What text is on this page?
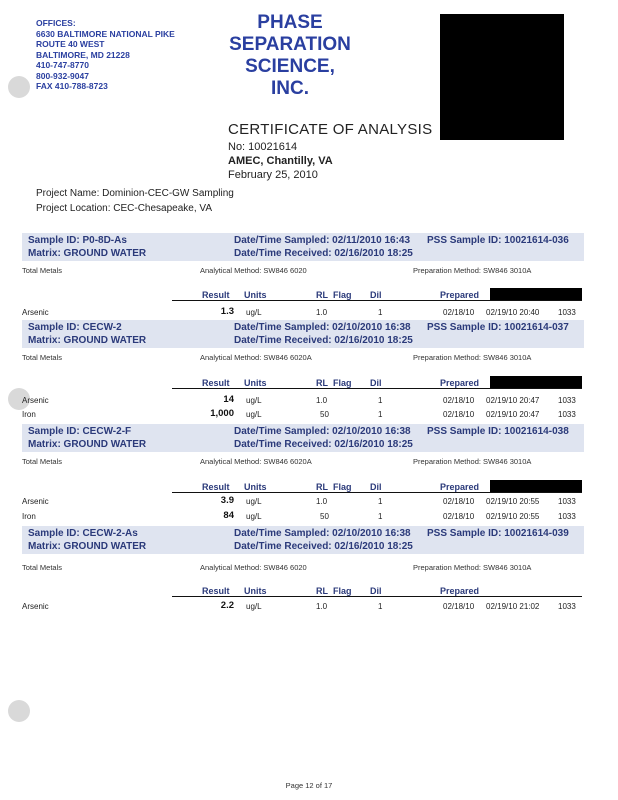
OFFICES:
6630 BALTIMORE NATIONAL PIKE
ROUTE 40 WEST
BALTIMORE, MD 21228
410-747-8770
800-932-9047
FAX 410-788-8723
PHASE
SEPARATION
SCIENCE,
INC.
CERTIFICATE OF ANALYSIS
No: 10021614
AMEC, Chantilly, VA
February 25, 2010
Project Name: Dominion-CEC-GW Sampling
Project Location: CEC-Chesapeake, VA
Sample ID: P0-8D-As
Matrix: GROUND WATER
Date/Time Sampled: 02/11/2010 16:43
Date/Time Received: 02/16/2010 18:25
PSS Sample ID: 10021614-036
Total Metals	Analytical Method: SW846 6020	Preparation Method: SW846 3010A
Result Units	RL Flag Dil	Prepared
Arsenic	1.3 ug/L	1.0	1	02/18/10 02/19/10 20:40 1033
Sample ID: CECW-2
Matrix: GROUND WATER
Date/Time Sampled: 02/10/2010 16:38
Date/Time Received: 02/16/2010 18:25
PSS Sample ID: 10021614-037
Total Metals	Analytical Method: SW846 6020A	Preparation Method: SW846 3010A
Result Units	RL Flag Dil	Prepared
Arsenic	14 ug/L	1.0	1	02/18/10 02/19/10 20:47 1033
Iron	1,000 ug/L	50	1	02/18/10 02/19/10 20:47 1033
Sample ID: CECW-2-F
Matrix: GROUND WATER
Date/Time Sampled: 02/10/2010 16:38
Date/Time Received: 02/16/2010 18:25
PSS Sample ID: 10021614-038
Total Metals	Analytical Method: SW846 6020A	Preparation Method: SW846 3010A
Result Units	RL Flag Dil	Prepared
Arsenic	3.9 ug/L	1.0	1	02/18/10 02/19/10 20:55 1033
Iron	84 ug/L	50	1	02/18/10 02/19/10 20:55 1033
Sample ID: CECW-2-As
Matrix: GROUND WATER
Date/Time Sampled: 02/10/2010 16:38
Date/Time Received: 02/16/2010 18:25
PSS Sample ID: 10021614-039
Total Metals	Analytical Method: SW846 6020	Preparation Method: SW846 3010A
Result Units	RL Flag Dil	Prepared
Arsenic	2.2 ug/L	1.0	1	02/18/10 02/19/10 21:02 1033
Page 12 of 17
